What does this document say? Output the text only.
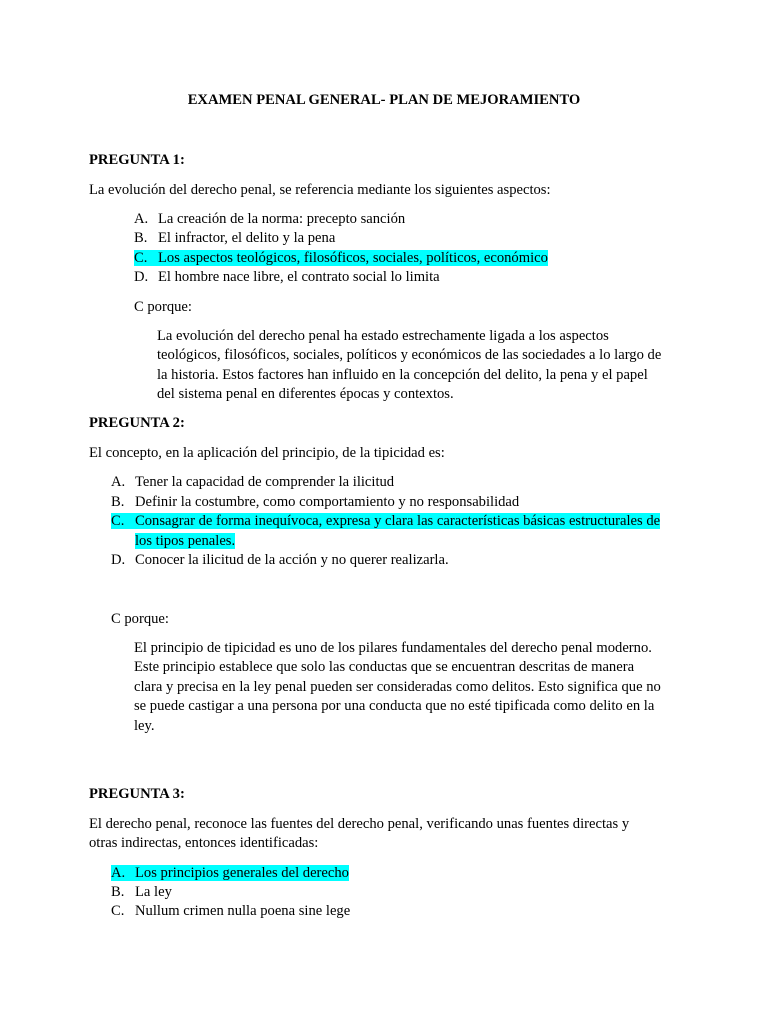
EXAMEN PENAL GENERAL- PLAN DE MEJORAMIENTO
PREGUNTA 1:
La evolución del derecho penal, se referencia mediante los siguientes aspectos:
A. La creación de la norma: precepto sanción
B. El infractor, el delito y la pena
C. Los aspectos teológicos, filosóficos, sociales, políticos, económico
D. El hombre nace libre, el contrato social lo limita
C porque:
La evolución del derecho penal ha estado estrechamente ligada a los aspectos
teológicos, filosóficos, sociales, políticos y económicos de las sociedades a lo largo de
la historia. Estos factores han influido en la concepción del delito, la pena y el papel
del sistema penal en diferentes épocas y contextos.
PREGUNTA 2:
El concepto, en la aplicación del principio, de la tipicidad es:
A. Tener la capacidad de comprender la ilicitud
B. Definir la costumbre, como comportamiento y no responsabilidad
C. Consagrar de forma inequívoca, expresa y clara las características básicas estructurales de
los tipos penales.
D. Conocer la ilicitud de la acción y no querer realizarla.
C porque:
El principio de tipicidad es uno de los pilares fundamentales del derecho penal moderno.
Este principio establece que solo las conductas que se encuentran descritas de manera
clara y precisa en la ley penal pueden ser consideradas como delitos. Esto significa que no
se puede castigar a una persona por una conducta que no esté tipificada como delito en la
ley.
PREGUNTA 3:
El derecho penal, reconoce las fuentes del derecho penal, verificando unas fuentes directas y
otras indirectas, entonces identificadas:
A. Los principios generales del derecho
B. La ley
C. Nullum crimen nulla poena sine lege
